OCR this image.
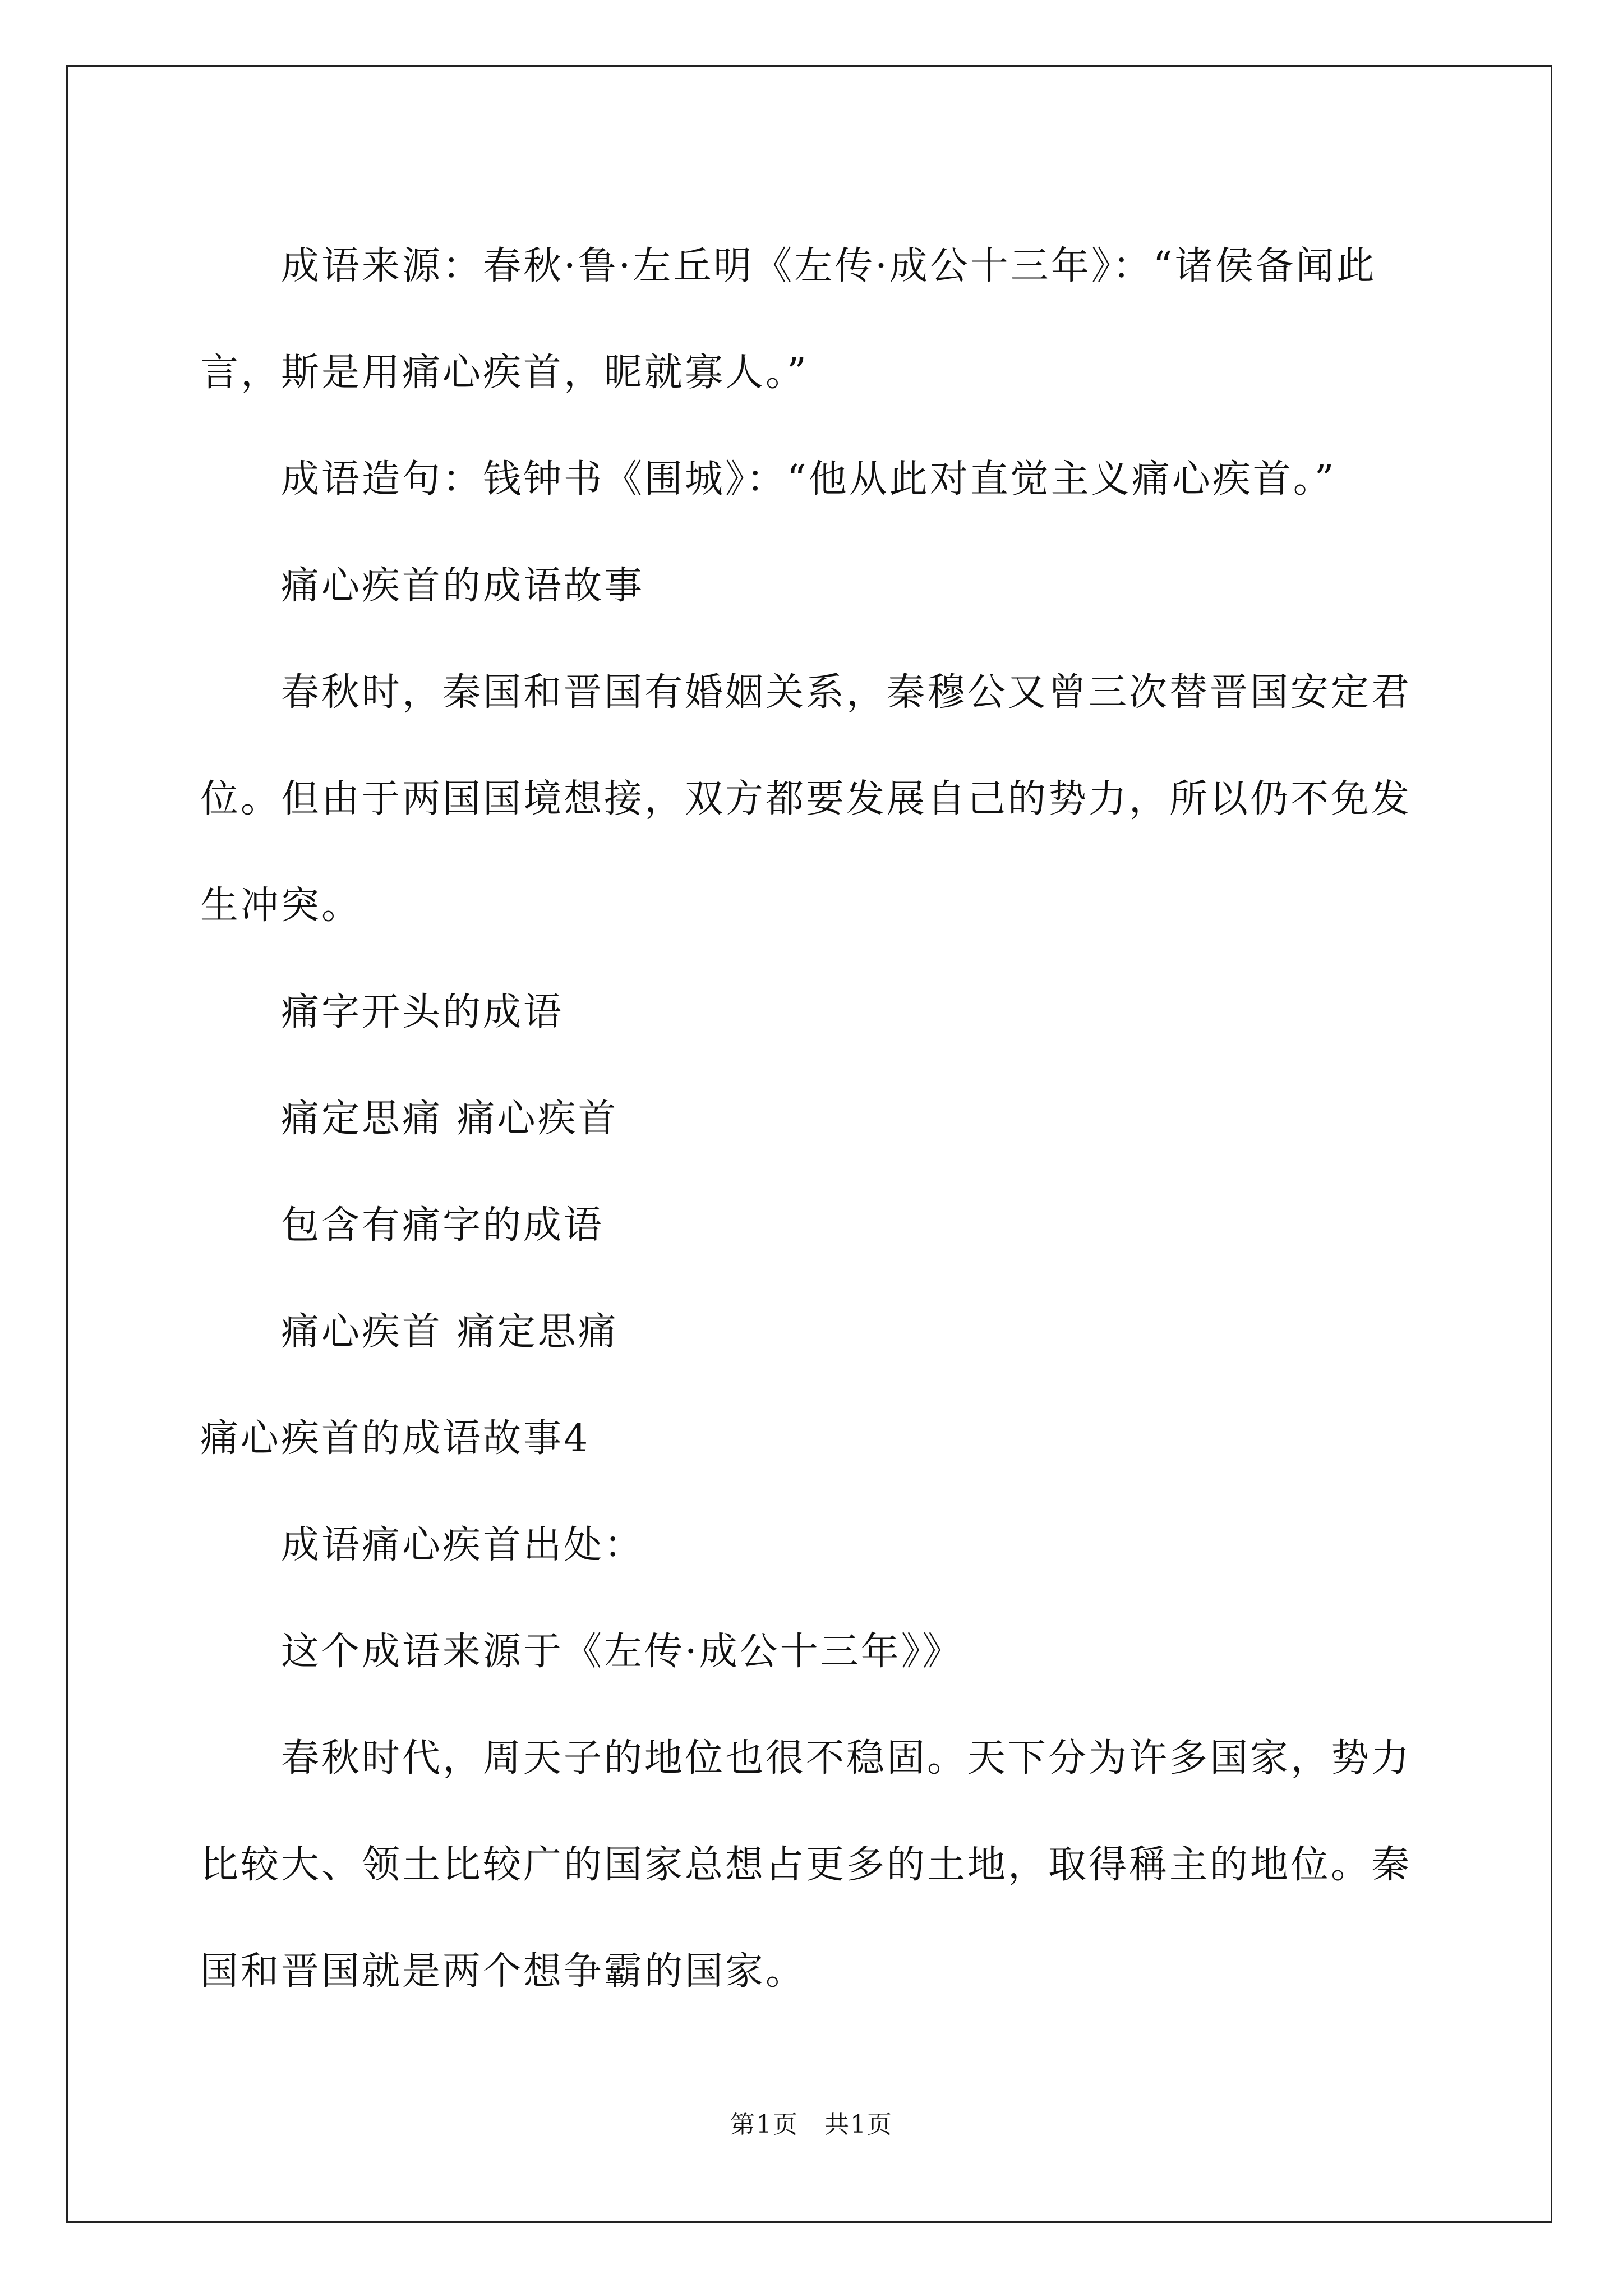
成语来源：春秋·鲁·左丘明《左传·成公十三年》：“诸侯备闻此言，斯是用痛心疾首，昵就寡人。”

成语造句：钱钟书《围城》：“他从此对直觉主义痛心疾首。”

痛心疾首的成语故事

春秋时，秦国和晋国有婚姻关系，秦穆公又曾三次替晋国安定君位。但由于两国国境想接，双方都要发展自己的势力，所以仍不免发生冲突。

痛字开头的成语

痛定思痛 痛心疾首

包含有痛字的成语

痛心疾首 痛定思痛

痛心疾首的成语故事4

成语痛心疾首出处：

这个成语来源于《左传·成公十三年》》

春秋时代，周天子的地位也很不稳固。天下分为许多国家，势力比较大、领土比较广的国家总想占更多的土地，取得稱主的地位。秦国和晋国就是两个想争霸的国家。

第1页　共1页
